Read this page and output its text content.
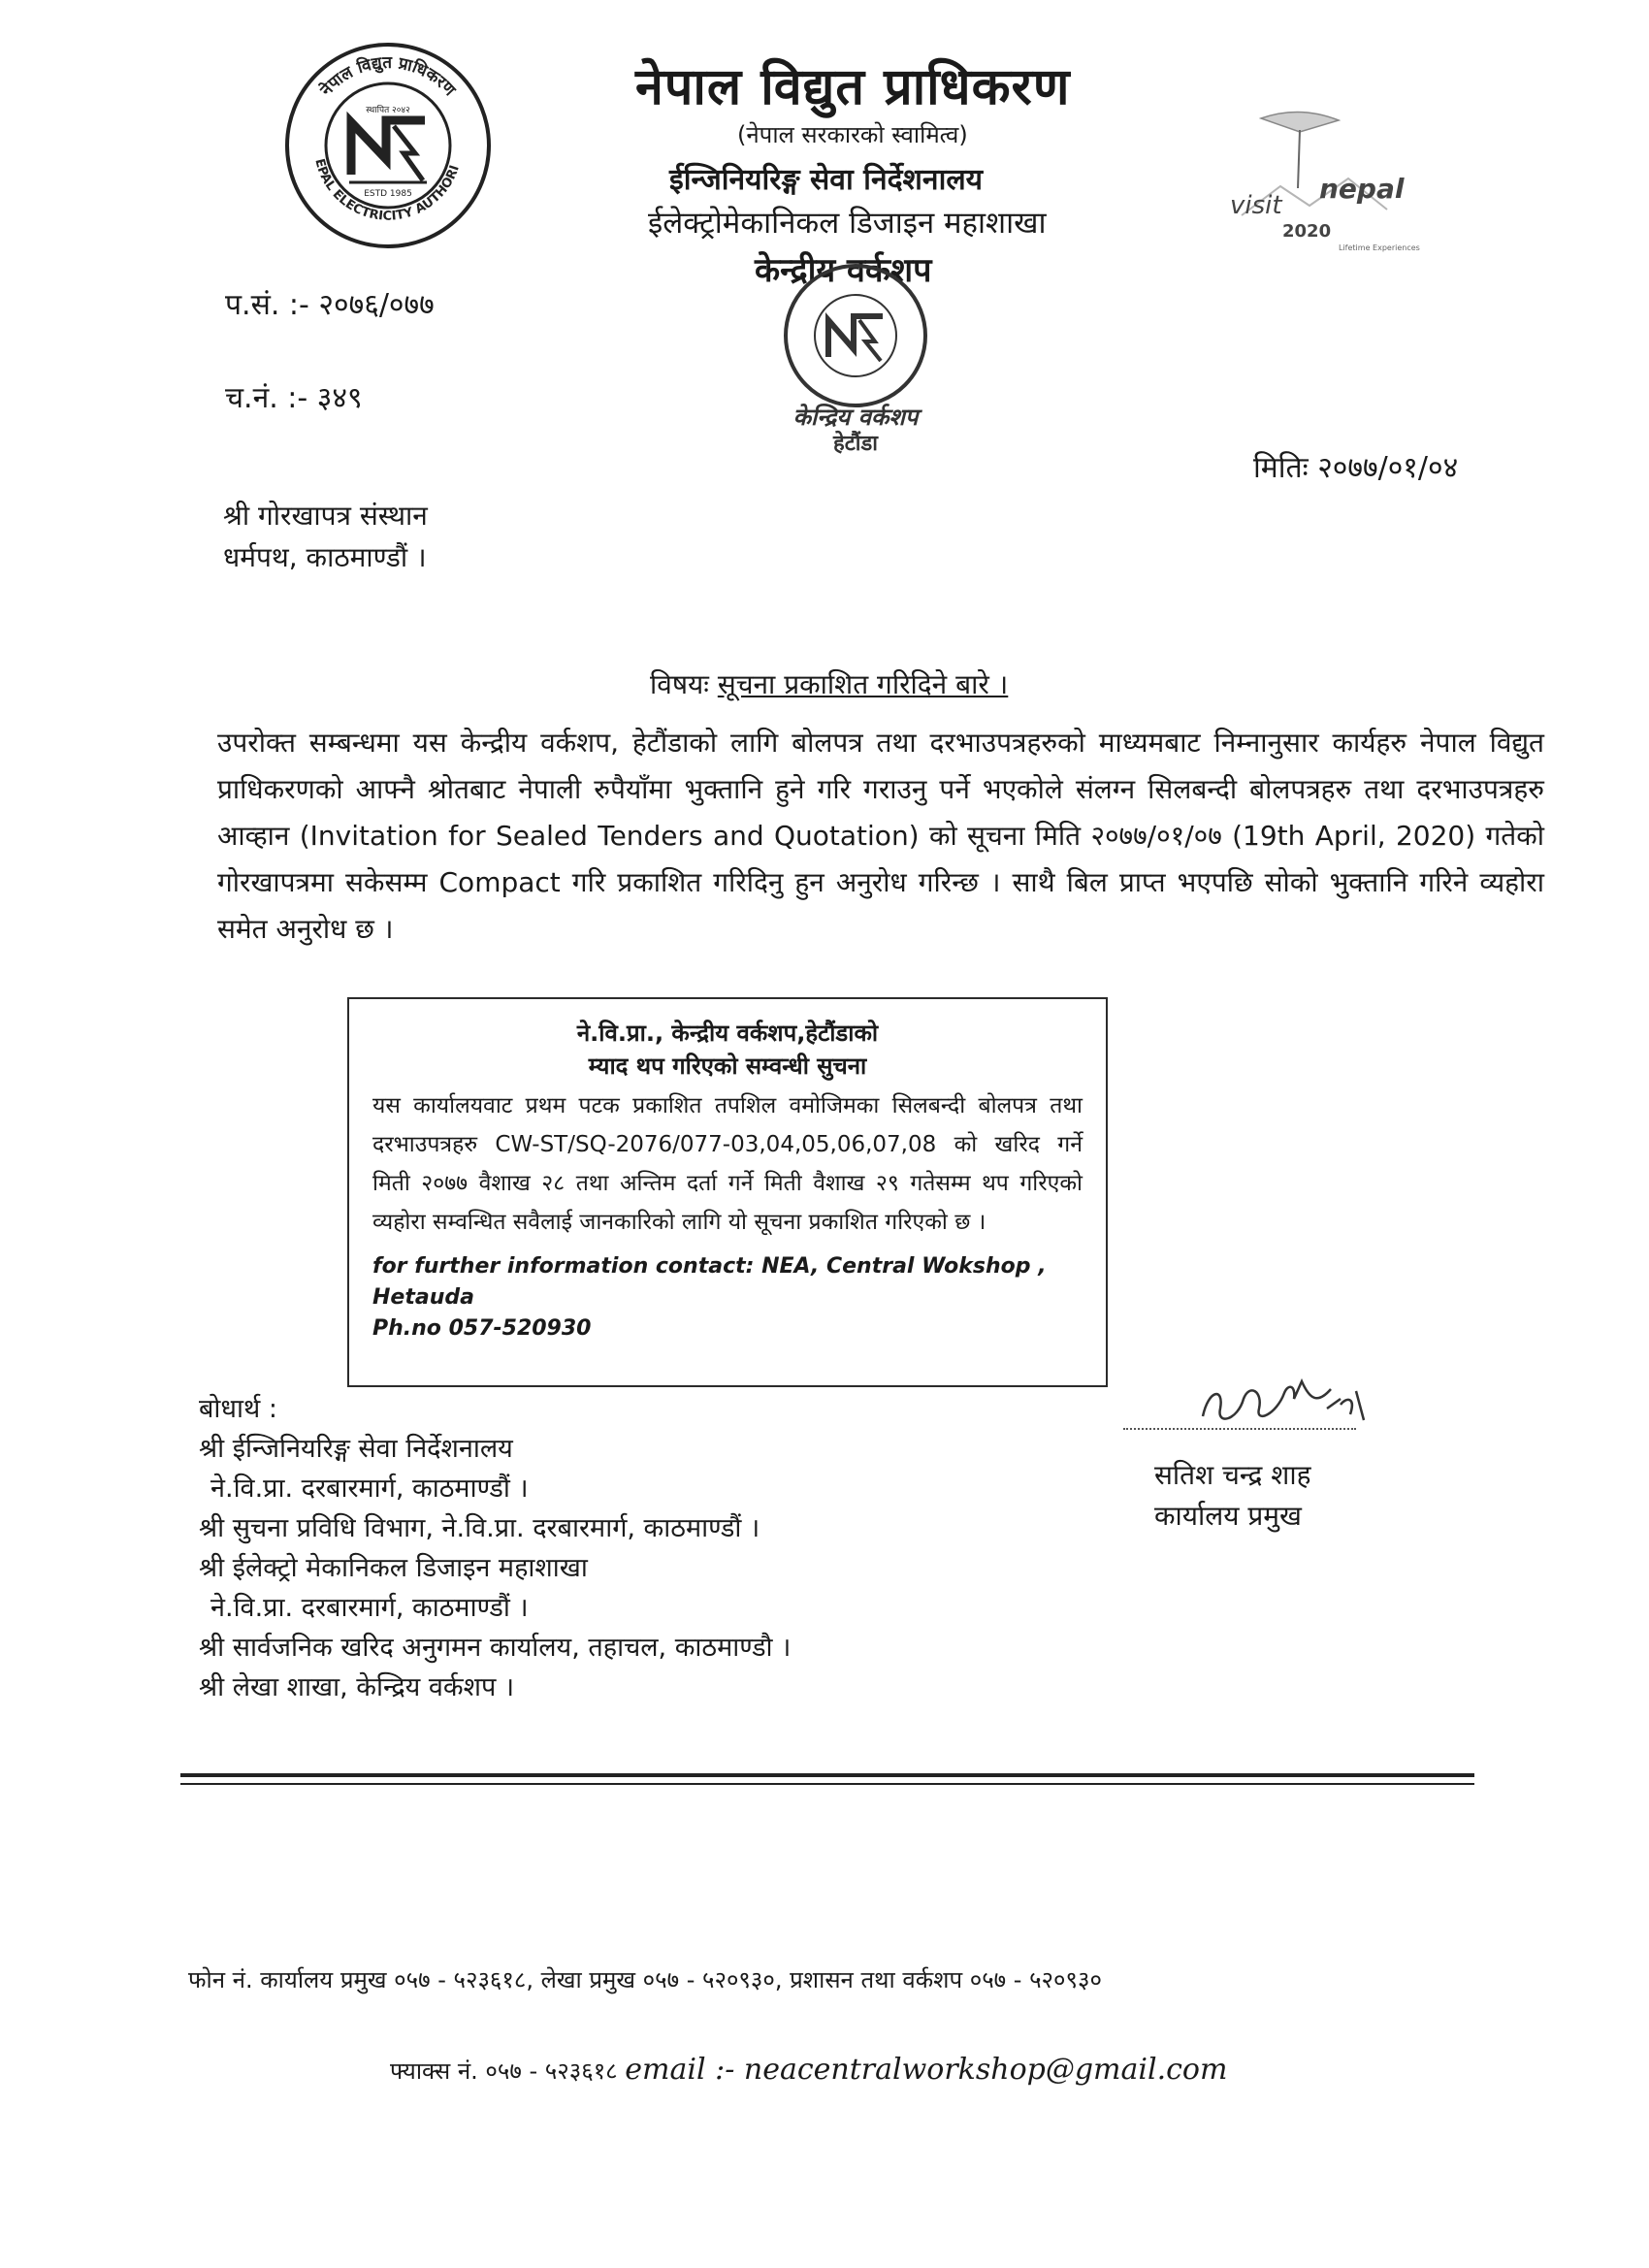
नेपाल विद्युत प्राधिकरण
EPAL ELECTRICITY AUTHORI
स्थापित २०४२
ESTD 1985
नेपाल विद्युत प्राधिकरण
(नेपाल सरकारको स्वामित्व)
ईन्जिनियरिङ्ग सेवा निर्देशनालय
ईलेक्ट्रोमेकानिकल डिजाइन महाशाखा
केन्द्रीय वर्कशप
visit
nepal
2020
Lifetime Experiences
केन्द्रिय वर्कशप
हेटौंडा
प.सं. :- २०७६/०७७
च.नं. :- ३४९
मितिः २०७७/०१/०४
श्री गोरखापत्र संस्थान
धर्मपथ, काठमाण्डौं ।
विषयः सूचना प्रकाशित गरिदिने बारे ।

उपरोक्त सम्बन्धमा यस केन्द्रीय वर्कशप, हेटौंडाको लागि बोलपत्र तथा दरभाउपत्रहरुको माध्यमबाट निम्नानुसार कार्यहरु नेपाल विद्युत प्राधिकरणको आफ्नै श्रोतबाट नेपाली रुपैयाँमा भुक्तानि हुने गरि गराउनु पर्ने भएकोले संलग्न सिलबन्दी बोलपत्रहरु तथा दरभाउपत्रहरु आव्हान (Invitation for Sealed Tenders and Quotation) को सूचना मिति २०७७/०१/०७ (19th April, 2020) गतेको गोरखापत्रमा सकेसम्म Compact गरि प्रकाशित गरिदिनु हुन अनुरोध गरिन्छ । साथै बिल प्राप्त भएपछि सोको भुक्तानि गरिने व्यहोरा समेत अनुरोध छ ।

ने.वि.प्रा., केन्द्रीय वर्कशप,हेटौंडाको
म्याद थप गरिएको सम्वन्धी सुचना
यस कार्यालयवाट प्रथम पटक प्रकाशित तपशिल वमोजिमका सिलबन्दी बोलपत्र तथा दरभाउपत्रहरु CW-ST/SQ-2076/077-03,04,05,06,07,08 को खरिद गर्ने मिती २०७७ वैशाख २८ तथा अन्तिम दर्ता गर्ने मिती वैशाख २९ गतेसम्म थप गरिएको व्यहोरा सम्वन्धित सवैलाई जानकारिको लागि यो सूचना प्रकाशित गरिएको छ ।
for further information contact: NEA, Central Wokshop , Hetauda
Ph.no 057-520930
बोधार्थ :
श्री ईन्जिनियरिङ्ग सेवा निर्देशनालय
ने.वि.प्रा. दरबारमार्ग, काठमाण्डौं ।
श्री सुचना प्रविधि विभाग, ने.वि.प्रा. दरबारमार्ग, काठमाण्डौं ।
श्री ईलेक्ट्रो मेकानिकल डिजाइन महाशाखा
ने.वि.प्रा. दरबारमार्ग, काठमाण्डौं ।
श्री सार्वजनिक खरिद अनुगमन कार्यालय, तहाचल, काठमाण्डौ ।
श्री लेखा शाखा, केन्द्रिय वर्कशप ।
सतिश चन्द्र शाह
कार्यालय प्रमुख
फोन नं. कार्यालय प्रमुख ०५७ - ५२३६१८, लेखा प्रमुख ०५७ - ५२०९३०, प्रशासन तथा वर्कशप ०५७ - ५२०९३०
फ्याक्स नं. ०५७ - ५२३६१८ email :- neacentralworkshop@gmail.com
